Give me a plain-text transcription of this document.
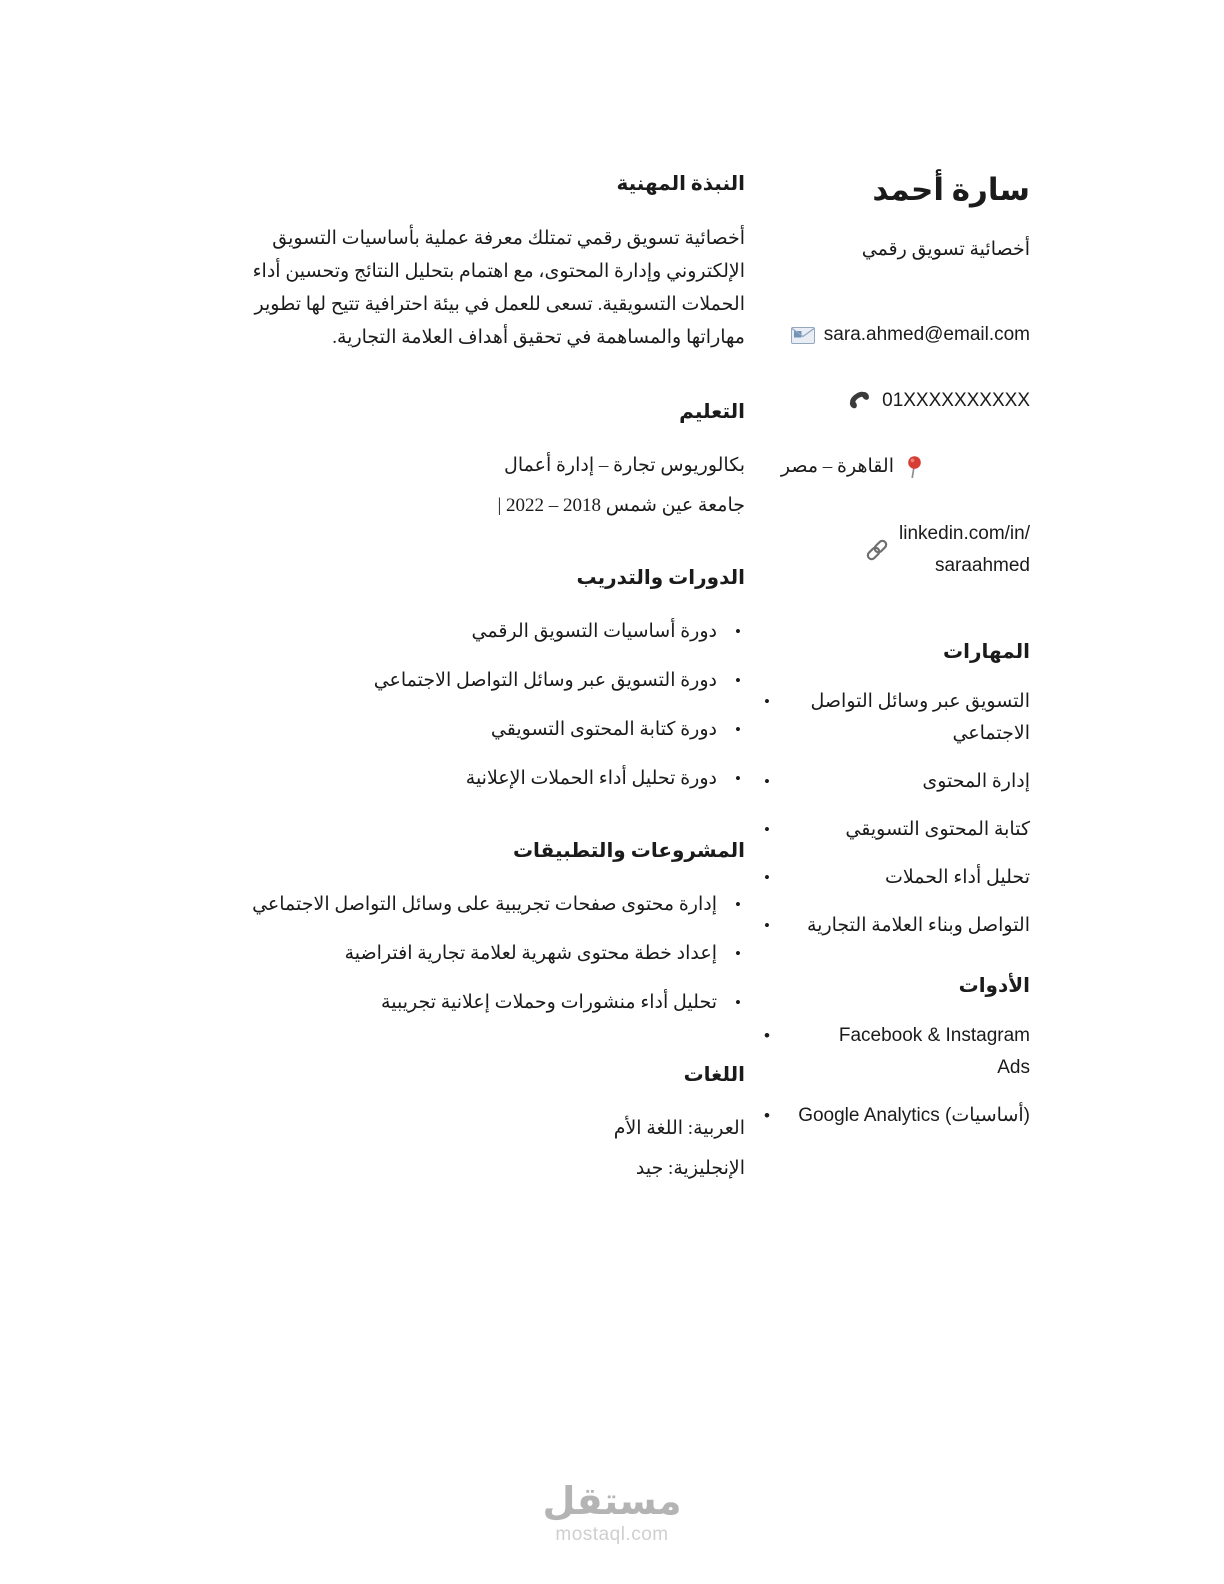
سارة أحمد
أخصائية تسويق رقمي
sara.ahmed@email.com
01XXXXXXXXXX
القاهرة – مصر
linkedin.com/in/
saraahmed
المهارات
• التسويق عبر وسائل التواصل الاجتماعي
• إدارة المحتوى
• كتابة المحتوى التسويقي
• تحليل أداء الحملات
• التواصل وبناء العلامة التجارية
الأدوات
• Facebook & Instagram Ads
• Google Analytics (أساسيات)
النبذة المهنية

أخصائية تسويق رقمي تمتلك معرفة عملية بأساسيات التسويق الإلكتروني وإدارة المحتوى، مع اهتمام بتحليل النتائج وتحسين أداء الحملات التسويقية. تسعى للعمل في بيئة احترافية تتيح لها تطوير مهاراتها والمساهمة في تحقيق أهداف العلامة التجارية.

التعليم

بكالوريوس تجارة – إدارة أعمال

جامعة عين شمس 2018 – 2022 |

الدورات والتدريب
• دورة أساسيات التسويق الرقمي
• دورة التسويق عبر وسائل التواصل الاجتماعي
• دورة كتابة المحتوى التسويقي
• دورة تحليل أداء الحملات الإعلانية
المشروعات والتطبيقات
• إدارة محتوى صفحات تجريبية على وسائل التواصل الاجتماعي
• إعداد خطة محتوى شهرية لعلامة تجارية افتراضية
• تحليل أداء منشورات وحملات إعلانية تجريبية
اللغات

العربية: اللغة الأم

الإنجليزية: جيد

مستقل
mostaql.com
